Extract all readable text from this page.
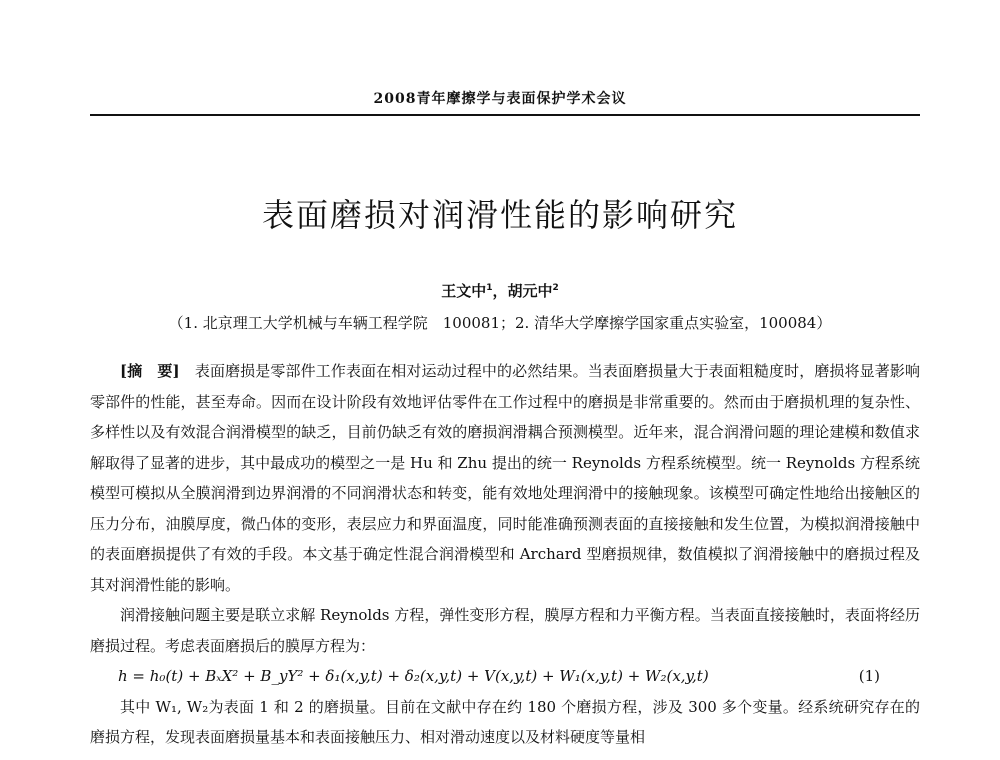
2008青年摩擦学与表面保护学术会议
表面磨损对润滑性能的影响研究
王文中$^1$，胡元中$^2$
（1. 北京理工大学机械与车辆工程学院　100081；2. 清华大学摩擦学国家重点实验室，100084）

[摘　要]　 表面磨损是零部件工作表面在相对运动过程中的必然结果。当表面磨损量大于表面粗糙度时，磨损将显著影响零部件的性能，甚至寿命。因而在设计阶段有效地评估零件在工作过程中的磨损是非常重要的。然而由于磨损机理的复杂性、多样性以及有效混合润滑模型的缺乏，目前仍缺乏有效的磨损润滑耦合预测模型。近年来，混合润滑问题的理论建模和数值求解取得了显著的进步，其中最成功的模型之一是 Hu 和 Zhu 提出的统一 Reynolds 方程系统模型。统一 Reynolds 方程系统模型可模拟从全膜润滑到边界润滑的不同润滑状态和转变，能有效地处理润滑中的接触现象。该模型可确定性地给出接触区的压力分布，油膜厚度，微凸体的变形，表层应力和界面温度，同时能准确预测表面的直接接触和发生位置，为模拟润滑接触中的表面磨损提供了有效的手段。本文基于确定性混合润滑模型和 Archard 型磨损规律，数值模拟了润滑接触中的磨损过程及其对润滑性能的影响。

润滑接触问题主要是联立求解 Reynolds 方程，弹性变形方程，膜厚方程和力平衡方程。当表面直接接触时，表面将经历磨损过程。考虑表面磨损后的膜厚方程为：

h = h₀(t) + BₓX² + B_yY² + δ₁(x,y,t) + δ₂(x,y,t) + V(x,y,t) + W₁(x,y,t) + W₂(x,y,t)	(1)

其中 W₁, W₂为表面 1 和 2 的磨损量。目前在文献中存在约 180 个磨损方程，涉及 300 多个变量。经系统研究存在的磨损方程，发现表面磨损量基本和表面接触压力、相对滑动速度以及材料硬度等量相
